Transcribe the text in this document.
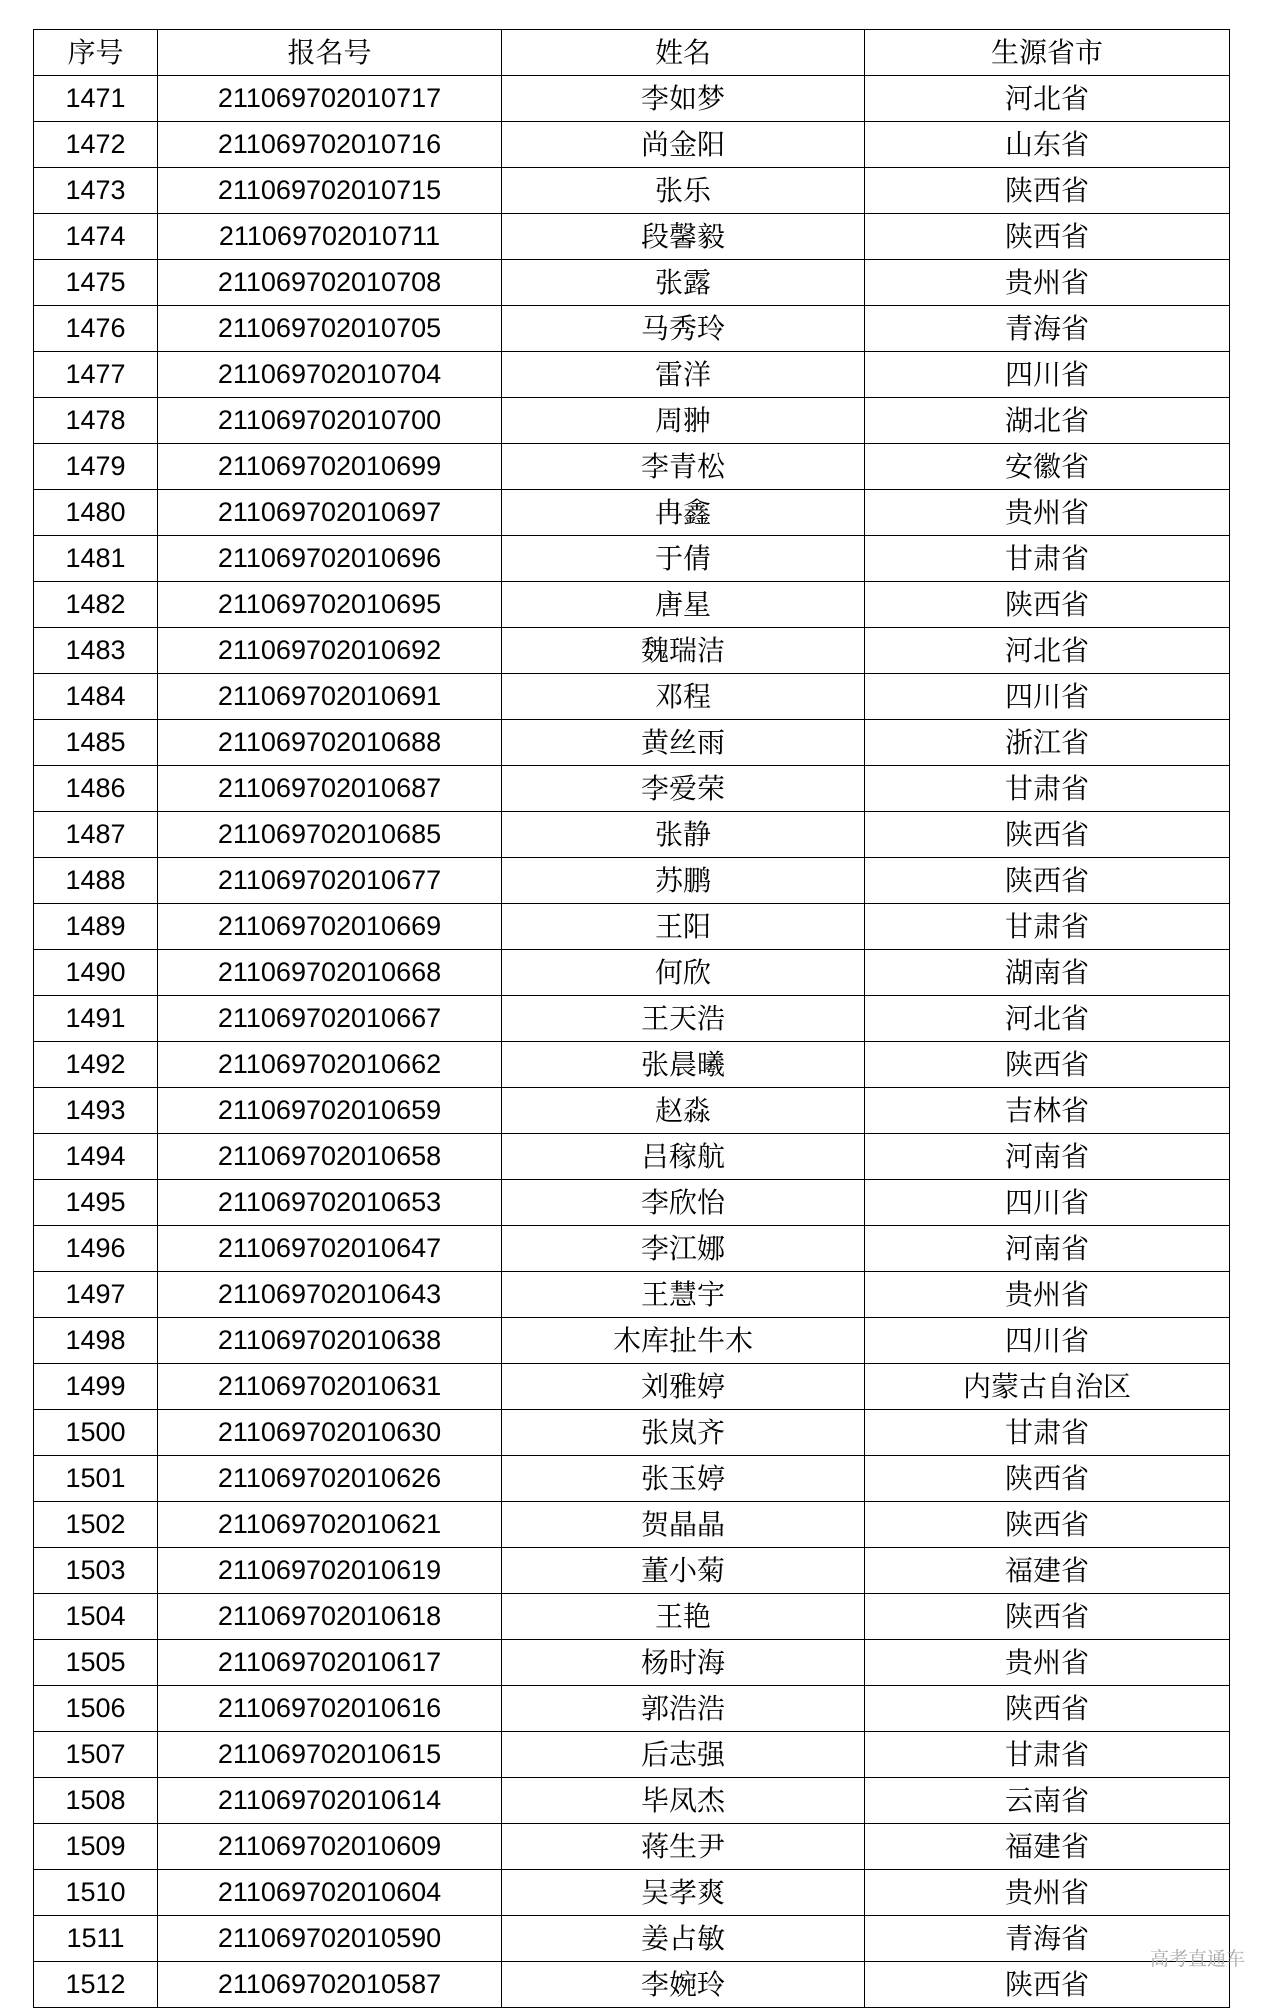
序号	报名号	姓名	生源省市
1471	211069702010717	李如梦	河北省
1472	211069702010716	尚金阳	山东省
1473	211069702010715	张乐	陕西省
1474	211069702010711	段馨毅	陕西省
1475	211069702010708	张露	贵州省
1476	211069702010705	马秀玲	青海省
1477	211069702010704	雷洋	四川省
1478	211069702010700	周翀	湖北省
1479	211069702010699	李青松	安徽省
1480	211069702010697	冉鑫	贵州省
1481	211069702010696	于倩	甘肃省
1482	211069702010695	唐星	陕西省
1483	211069702010692	魏瑞洁	河北省
1484	211069702010691	邓程	四川省
1485	211069702010688	黄丝雨	浙江省
1486	211069702010687	李爱荣	甘肃省
1487	211069702010685	张静	陕西省
1488	211069702010677	苏鹏	陕西省
1489	211069702010669	王阳	甘肃省
1490	211069702010668	何欣	湖南省
1491	211069702010667	王天浩	河北省
1492	211069702010662	张晨曦	陕西省
1493	211069702010659	赵淼	吉林省
1494	211069702010658	吕稼航	河南省
1495	211069702010653	李欣怡	四川省
1496	211069702010647	李江娜	河南省
1497	211069702010643	王慧宇	贵州省
1498	211069702010638	木库扯牛木	四川省
1499	211069702010631	刘雅婷	内蒙古自治区
1500	211069702010630	张岚齐	甘肃省
1501	211069702010626	张玉婷	陕西省
1502	211069702010621	贺晶晶	陕西省
1503	211069702010619	董小菊	福建省
1504	211069702010618	王艳	陕西省
1505	211069702010617	杨时海	贵州省
1506	211069702010616	郭浩浩	陕西省
1507	211069702010615	后志强	甘肃省
1508	211069702010614	毕凤杰	云南省
1509	211069702010609	蒋生尹	福建省
1510	211069702010604	吴孝爽	贵州省
1511	211069702010590	姜占敏	青海省
1512	211069702010587	李婉玲	陕西省
高考直通车
